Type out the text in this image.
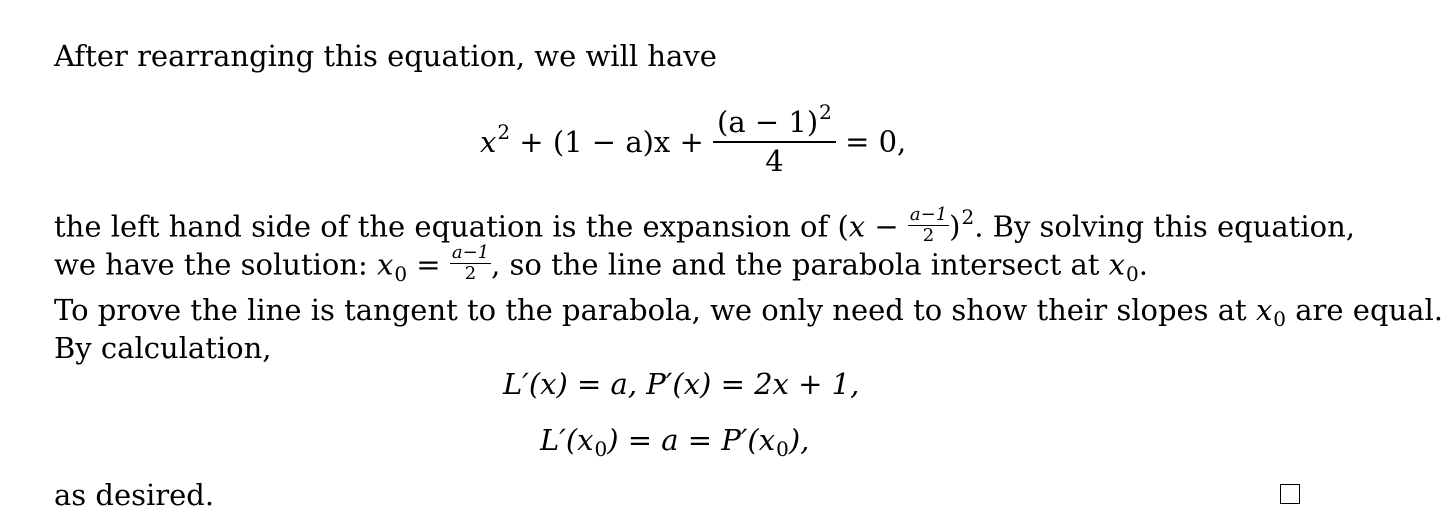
After rearranging this equation, we will have
$x^2 + (1 - a)x + \frac{(a - 1)^2}{4} = 0$,
the left hand side of the equation is the expansion of $(x - \frac{a-1}{2} )^2$. By solving this equation,
we have the solution: $x_0 = \frac{a-1}{2}$ , so the line and the parabola intersect at $x_0$.
To prove the line is tangent to the parabola, we only need to show their slopes at $x_0$ are equal.
By calculation,
L′(x) = a, P′(x) = 2x + 1,
$L'(x_0) = a = P'(x_0)$,
as desired.
